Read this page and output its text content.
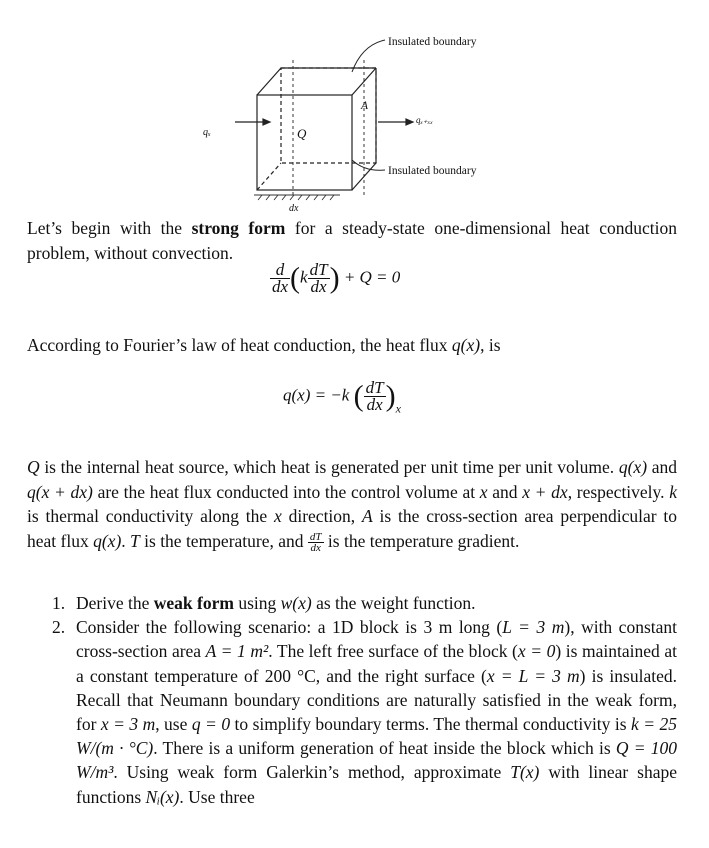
Insulated boundary
Insulated boundary
A
Q
qₓ
qₓ₊ₓₓ
dx
Let’s begin with the strong form for a steady-state one-dimensional heat conduction problem, without convection.
$\frac{d}{dx} (k \frac{dT}{dx}$ ) + Q = 0
According to Fourier’s law of heat conduction, the heat flux q(x), is
q(x) = −k ( $\frac{dT}{dx} )_x$
Q is the internal heat source, which heat is generated per unit time per unit volume. q(x) and q(x + dx) are the heat flux conducted into the control volume at x and x + dx, respectively. k is thermal conductivity along the x direction, A is the cross-section area perpendicular to heat flux q(x). T is the temperature, and $\frac{dT}{dx}$ is the temperature gradient.
1. Derive the weak form using w(x) as the weight function.
2. Consider the following scenario: a 1D block is 3 m long (L = 3 m), with constant cross-section area A = 1 m². The left free surface of the block (x = 0) is maintained at a constant temperature of 200 °C, and the right surface (x = L = 3 m) is insulated. Recall that Neumann boundary conditions are naturally satisfied in the weak form, for x = 3 m, use q = 0 to simplify boundary terms. The thermal conductivity is k = 25 W/(m · °C). There is a uniform generation of heat inside the block which is Q = 100 W/m³. Using weak form Galerkin’s method, approximate T(x) with linear shape functions Nᵢ(x). Use three
